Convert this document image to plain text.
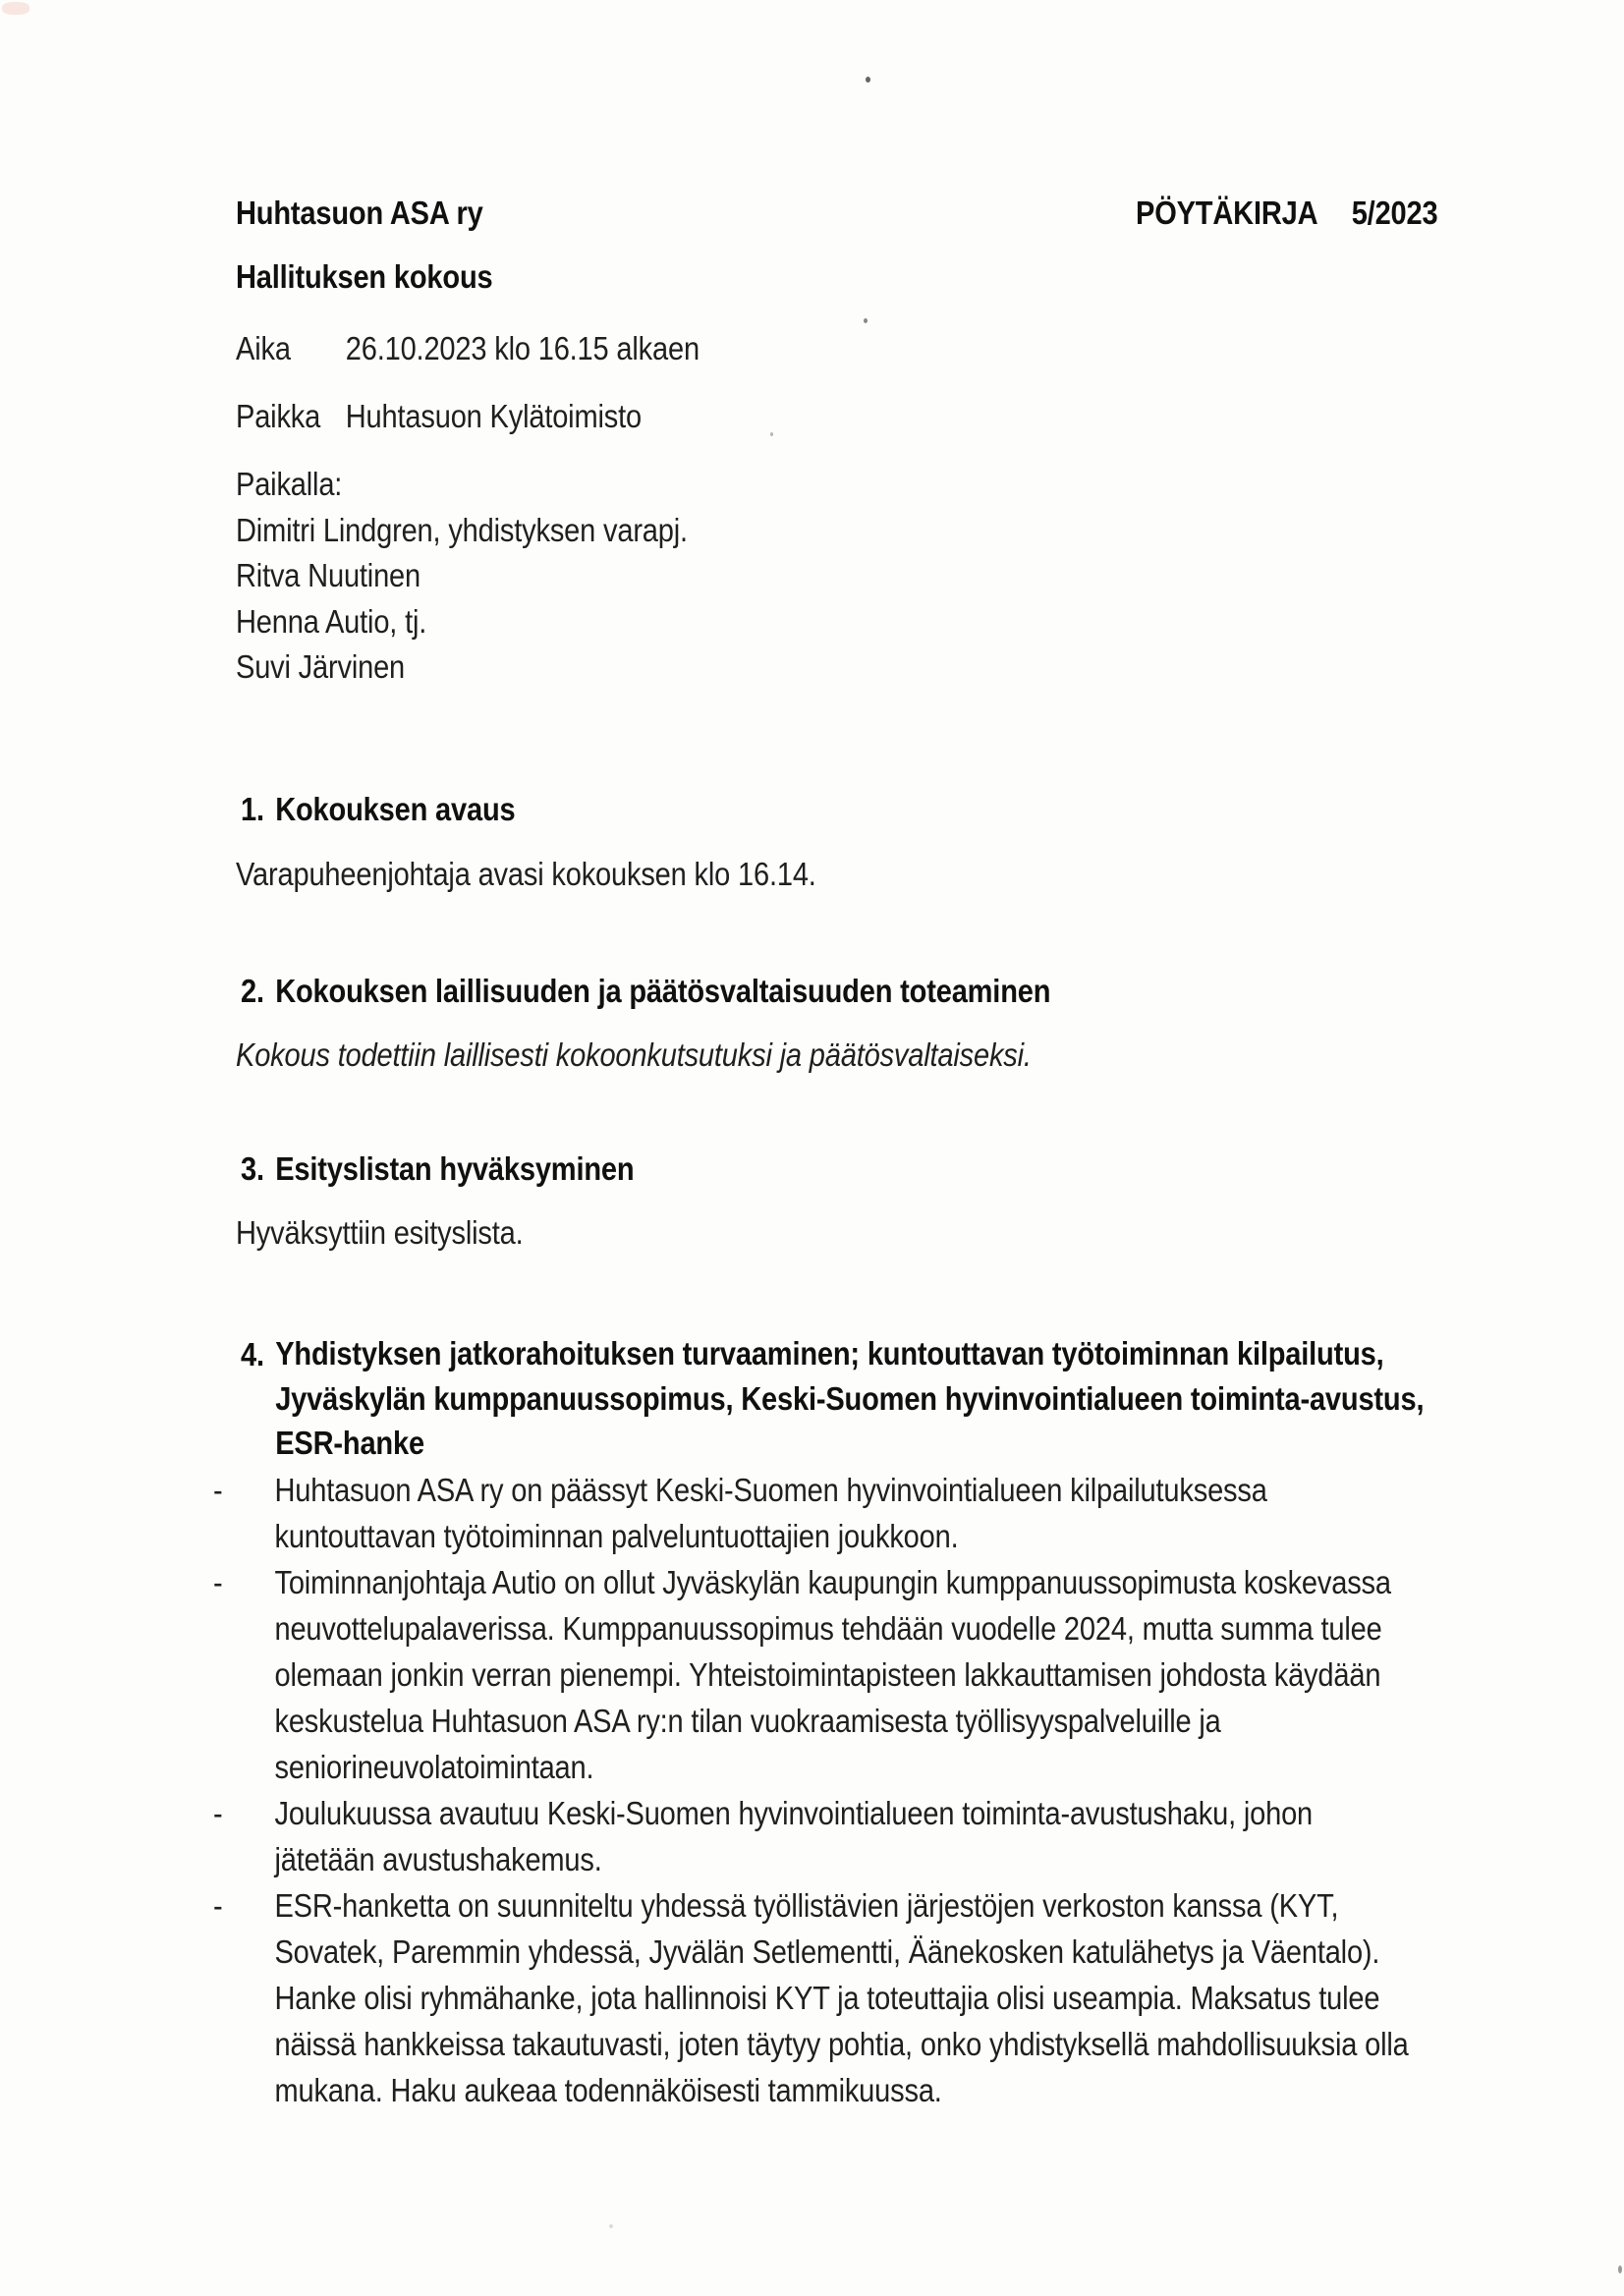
Huhtasuon ASA ry	PÖYTÄKIRJA 5/2023
Hallituksen kokous
Aika 26.10.2023 klo 16.15 alkaen
Paikka Huhtasuon Kylätoimisto
Paikalla:
Dimitri Lindgren, yhdistyksen varapj.
Ritva Nuutinen
Henna Autio, tj.
Suvi Järvinen
1. Kokouksen avaus
Varapuheenjohtaja avasi kokouksen klo 16.14.
2. Kokouksen laillisuuden ja päätösvaltaisuuden toteaminen
Kokous todettiin laillisesti kokoonkutsutuksi ja päätösvaltaiseksi.
3. Esityslistan hyväksyminen
Hyväksyttiin esityslista.
4. Yhdistyksen jatkorahoituksen turvaaminen; kuntouttavan työtoiminnan kilpailutus,
Jyväskylän kumppanuussopimus, Keski-Suomen hyvinvointialueen toiminta-avustus,
ESR-hanke
- Huhtasuon ASA ry on päässyt Keski-Suomen hyvinvointialueen kilpailutuksessa
kuntouttavan työtoiminnan palveluntuottajien joukkoon.
- Toiminnanjohtaja Autio on ollut Jyväskylän kaupungin kumppanuussopimusta koskevassa
neuvottelupalaverissa. Kumppanuussopimus tehdään vuodelle 2024, mutta summa tulee
olemaan jonkin verran pienempi. Yhteistoimintapisteen lakkauttamisen johdosta käydään
keskustelua Huhtasuon ASA ry:n tilan vuokraamisesta työllisyyspalveluille ja
seniorineuvolatoimintaan.
- Joulukuussa avautuu Keski-Suomen hyvinvointialueen toiminta-avustushaku, johon
jätetään avustushakemus.
- ESR-hanketta on suunniteltu yhdessä työllistävien järjestöjen verkoston kanssa (KYT,
Sovatek, Paremmin yhdessä, Jyvälän Setlementti, Äänekosken katulähetys ja Väentalo).
Hanke olisi ryhmähanke, jota hallinnoisi KYT ja toteuttajia olisi useampia. Maksatus tulee
näissä hankkeissa takautuvasti, joten täytyy pohtia, onko yhdistyksellä mahdollisuuksia olla
mukana. Haku aukeaa todennäköisesti tammikuussa.
